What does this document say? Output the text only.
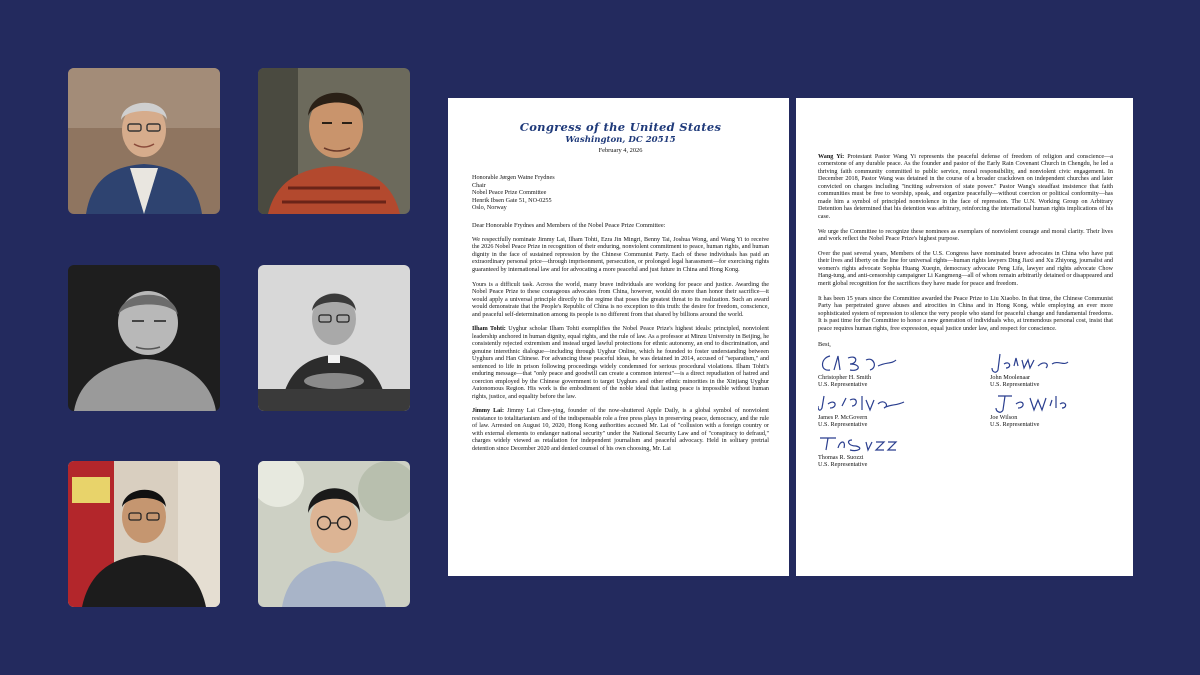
Congress of the United States
Washington, DC 20515
February 4, 2026
Honorable Jørgen Watne Frydnes
Chair
Nobel Peace Prize Committee
Henrik Ibsen Gate 51, NO-0255
Oslo, Norway

Dear Honorable Frydnes and Members of the Nobel Peace Prize Committee:

We respectfully nominate Jimmy Lai, Ilham Tohti, Ezra Jin Mingri, Benny Tai, Joshua Wong, and Wang Yi to receive the 2026 Nobel Peace Prize in recognition of their enduring, nonviolent commitment to peace, human rights, and human dignity in the face of sustained repression by the Chinese Communist Party. Each of these individuals has paid an extraordinary personal price—through imprisonment, persecution, or prolonged legal harassment—for exercising rights guaranteed by international law and for advocating a more peaceful and just future in China and Hong Kong.

Yours is a difficult task. Across the world, many brave individuals are working for peace and justice. Awarding the Nobel Peace Prize to these courageous advocates from China, however, would do more than honor their sacrifice—it would apply a universal principle directly to the regime that poses the greatest threat to its realization. Such an award would demonstrate that the People's Republic of China is no exception to this truth: the desire for freedom, conscience, and peaceful self-determination among its people is no different from that shared by billions around the world.

Ilham Tohti: Uyghur scholar Ilham Tohti exemplifies the Nobel Peace Prize's highest ideals: principled, nonviolent leadership anchored in human dignity, equal rights, and the rule of law. As a professor at Minzu University in Beijing, he consistently rejected extremism and instead urged lawful protections for ethnic autonomy, an end to discrimination, and genuine interethnic dialogue—including through Uyghur Online, which he founded to foster understanding between Uyghurs and Han Chinese. For advancing these peaceful ideas, he was detained in 2014, accused of "separatism," and sentenced to life in prison following proceedings widely condemned for serious procedural violations. Ilham Tohti's enduring message—that "only peace and goodwill can create a common interest"—is a direct repudiation of hatred and coercion employed by the Chinese government to target Uyghurs and other ethnic minorities in the Xinjiang Uyghur Autonomous Region. His work is the embodiment of the noble ideal that lasting peace is impossible without human rights, justice, and equality before the law.

Jimmy Lai: Jimmy Lai Chee-ying, founder of the now-shuttered Apple Daily, is a global symbol of nonviolent resistance to totalitarianism and of the indispensable role a free press plays in preserving peace, democracy, and the rule of law. Arrested on August 10, 2020, Hong Kong authorities accused Mr. Lai of "collusion with a foreign country or with external elements to endanger national security" under the National Security Law and of "conspiracy to defraud," charges widely viewed as retaliation for independent journalism and peaceful advocacy. Held in solitary pretrial detention since December 2020 and denied counsel of his own choosing, Mr. Lai

Wang Yi: Protestant Pastor Wang Yi represents the peaceful defense of freedom of religion and conscience—a cornerstone of any durable peace. As the founder and pastor of the Early Rain Covenant Church in Chengdu, he led a thriving faith community committed to public service, moral responsibility, and nonviolent civic engagement. In December 2018, Pastor Wang was detained in the course of a broader crackdown on independent churches and later convicted on charges including "inciting subversion of state power." Pastor Wang's steadfast insistence that faith communities must be free to worship, speak, and organize peacefully—without coercion or political conformity—has made him a symbol of principled nonviolence in the face of repression. The U.N. Working Group on Arbitrary Detention has determined that his detention was arbitrary, reinforcing the international human rights implications of his case.

We urge the Committee to recognize these nominees as exemplars of nonviolent courage and moral clarity. Their lives and work reflect the Nobel Peace Prize's highest purpose.

Over the past several years, Members of the U.S. Congress have nominated brave advocates in China who have put their lives and liberty on the line for universal rights—human rights lawyers Ding Jiaxi and Xu Zhiyong, journalist and women's rights advocate Sophia Huang Xueqin, democracy advocate Peng Lifa, lawyer and rights advocate Chow Hang-tung, and anti-censorship campaigner Li Kangmeng—all of whom remain arbitrarily detained or disappeared and merit global recognition for the sacrifices they have made for peace and freedom.

It has been 15 years since the Committee awarded the Peace Prize to Liu Xiaobo. In that time, the Chinese Communist Party has perpetrated grave abuses and atrocities in China and in Hong Kong, while employing an ever more sophisticated system of repression to silence the very people who stand for peaceful change and fundamental freedoms. It is past time for the Committee to honor a new generation of individuals who, at tremendous personal cost, insist that peace requires human rights, free expression, equal justice under law, and respect for conscience.

Best,
Christopher H. Smith
U.S. Representative
John Moolenaar
U.S. Representative
James P. McGovern
U.S. Representative
Joe Wilson
U.S. Representative
Thomas R. Suozzi
U.S. Representative
